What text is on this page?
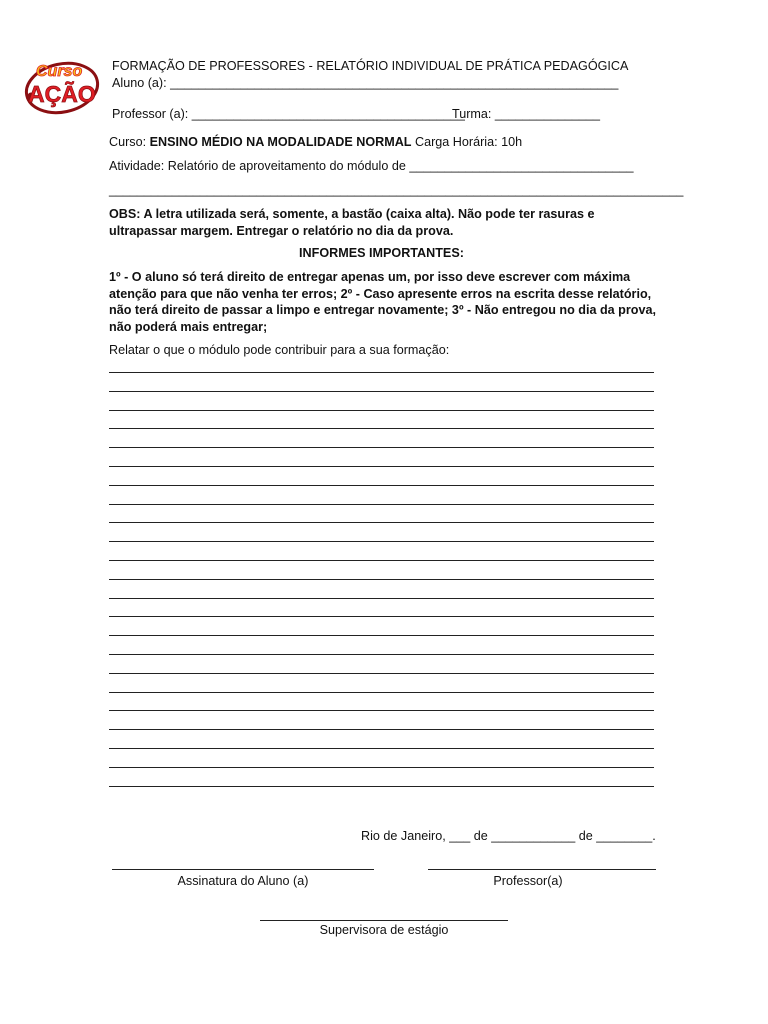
Curso
AÇÃO
FORMAÇÃO DE PROFESSORES - RELATÓRIO INDIVIDUAL DE PRÁTICA PEDAGÓGICA
Aluno (a): ________________________________________________________________
Professor (a): _______________________________________
Turma: _______________
Curso: ENSINO MÉDIO NA MODALIDADE NORMAL Carga Horária: 10h
Atividade: Relatório de aproveitamento do módulo de ________________________________
__________________________________________________________________________________
OBS: A letra utilizada será, somente, a bastão (caixa alta). Não pode ter rasuras e ultrapassar margem. Entregar o relatório no dia da prova.
INFORMES IMPORTANTES:
1º - O aluno só terá direito de entregar apenas um, por isso deve escrever com máxima atenção para que não venha ter erros; 2º - Caso apresente erros na escrita desse relatório, não terá direito de passar a limpo e entregar novamente; 3º - Não entregou no dia da prova, não poderá mais entregar;
Relatar o que o módulo pode contribuir para a sua formação:
Rio de Janeiro, ___ de ____________ de ________.
Assinatura do Aluno (a)	Professor(a)
Supervisora de estágio
